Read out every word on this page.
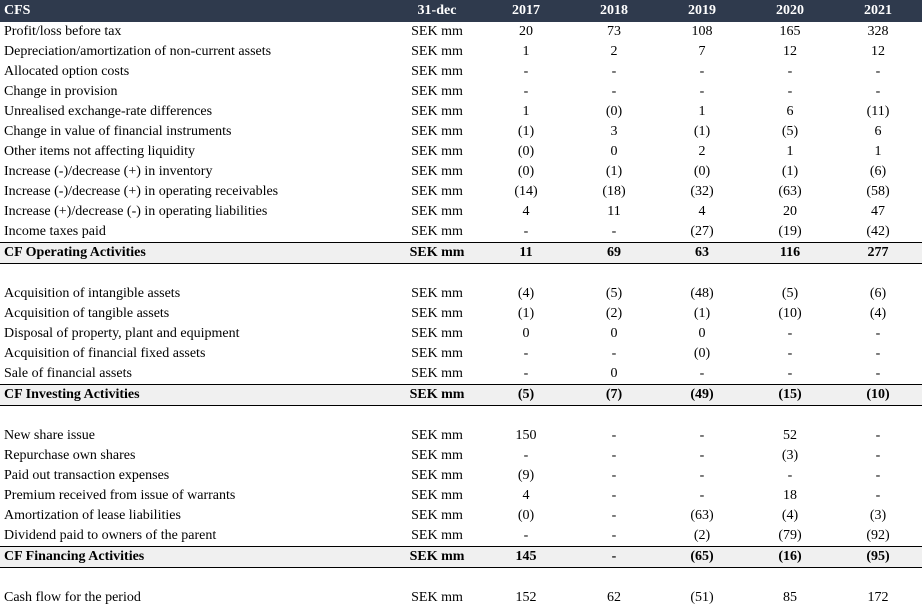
CFS	31-dec	2017	2018	2019	2020	2021
Profit/loss before tax	SEK mm	20	73	108	165	328
Depreciation/amortization of non-current assets	SEK mm	1	2	7	12	12
Allocated option costs	SEK mm	-	-	-	-	-
Change in provision	SEK mm	-	-	-	-	-
Unrealised exchange-rate differences	SEK mm	1	(0)	1	6	(11)
Change in value of financial instruments	SEK mm	(1)	3	(1)	(5)	6
Other items not affecting liquidity	SEK mm	(0)	0	2	1	1
Increase (-)/decrease (+) in inventory	SEK mm	(0)	(1)	(0)	(1)	(6)
Increase (-)/decrease (+) in operating receivables	SEK mm	(14)	(18)	(32)	(63)	(58)
Increase (+)/decrease (-) in operating liabilities	SEK mm	4	11	4	20	47
Income taxes paid	SEK mm	-	-	(27)	(19)	(42)
CF Operating Activities	SEK mm	11	69	63	116	277

Acquisition of intangible assets	SEK mm	(4)	(5)	(48)	(5)	(6)
Acquisition of tangible assets	SEK mm	(1)	(2)	(1)	(10)	(4)
Disposal of property, plant and equipment	SEK mm	0	0	0	-	-
Acquisition of financial fixed assets	SEK mm	-	-	(0)	-	-
Sale of financial assets	SEK mm	-	0	-	-	-
CF Investing Activities	SEK mm	(5)	(7)	(49)	(15)	(10)

New share issue	SEK mm	150	-	-	52	-
Repurchase own shares	SEK mm	-	-	-	(3)	-
Paid out transaction expenses	SEK mm	(9)	-	-	-	-
Premium received from issue of warrants	SEK mm	4	-	-	18	-
Amortization of lease liabilities	SEK mm	(0)	-	(63)	(4)	(3)
Dividend paid to owners of the parent	SEK mm	-	-	(2)	(79)	(92)
CF Financing Activities	SEK mm	145	-	(65)	(16)	(95)

Cash flow for the period	SEK mm	152	62	(51)	85	172
